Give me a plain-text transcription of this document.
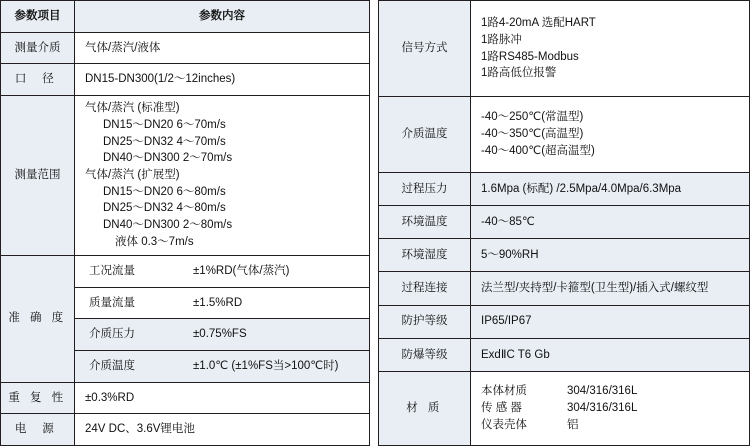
参数项目	参数内容
测量介质	气体/蒸汽/液体
口 径	DN15-DN300(1/2～12inches)
测量范围	
气体/蒸汽 (标准型)
DN15～DN20 6～70m/s
DN25～DN32 4～70m/s
DN40～DN300 2～70m/s
气体/蒸汽 (扩展型)
DN15～DN20 6～80m/s
DN25～DN32 4～80m/s
DN40～DN300 2～80m/s
液体 0.3～7m/s

准 确 度	工况流量 ±1%RD(气体/蒸汽)
	质量流量 ±1.5%RD
	介质压力 ±0.75%FS
	介质温度 ±1.0℃ (±1%FS当>100℃时)
重 复 性	±0.3%RD
电 源	24V DC、3.6V锂电池
信号方式	1路4-20mA 选配HART
1路脉冲
1路RS485-Modbus
1路高低位报警

介质温度	-40～250℃(常温型)
-40～350℃(高温型)
-40～400℃(超高温型)

过程压力	1.6Mpa (标配) /2.5Mpa/4.0Mpa/6.3Mpa
环境温度	-40～85℃
环境湿度	5～90%RH
过程连接	法兰型/夹持型/卡箍型(卫生型)/插入式/螺纹型
防护等级	IP65/IP67
防爆等级	ExdⅡC T6 Gb
材 质	本体材质 304/316/316L
传 感 器 304/316/316L
仪表壳体 铝
